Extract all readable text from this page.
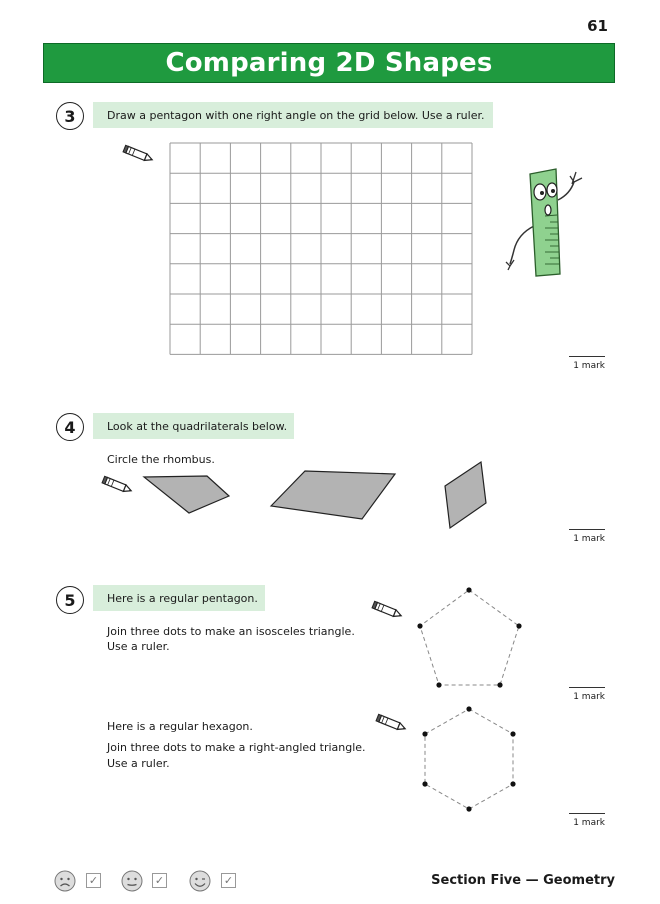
61
Comparing 2D Shapes
3	Draw a pentagon with one right angle on the grid below. Use a ruler.
1 mark
4	Look at the quadrilaterals below.
Circle the rhombus.
1 mark
5	Here is a regular pentagon.
Join three dots to make an isosceles triangle.
Use a ruler.
1 mark
Here is a regular hexagon.
Join three dots to make a right-angled triangle.
Use a ruler.
1 mark
✓	✓	✓	Section Five — Geometry
